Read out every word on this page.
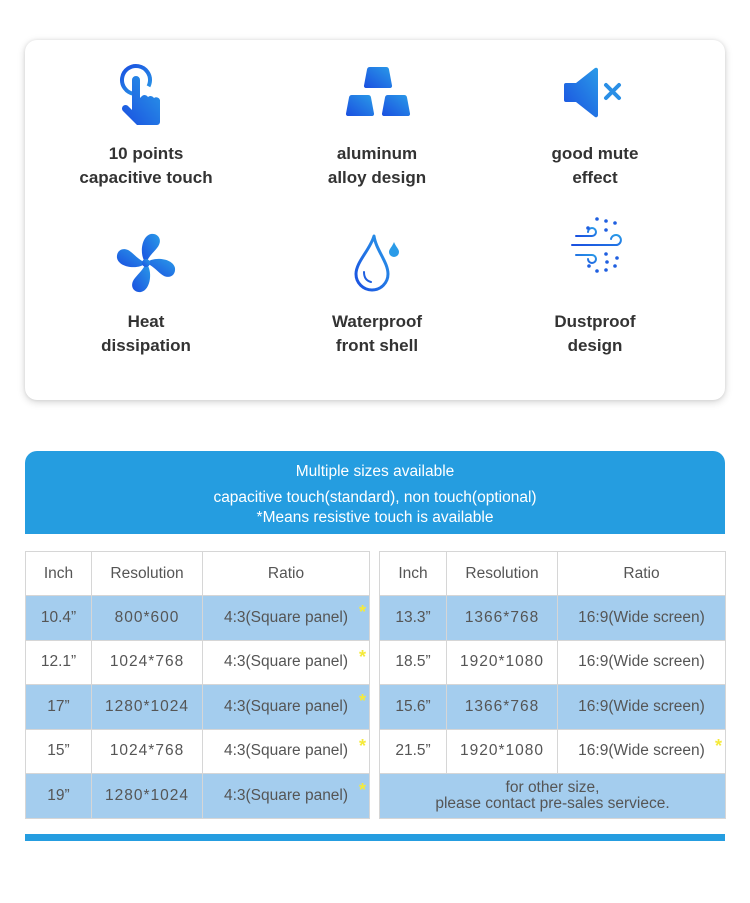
10 points
capacitive touch
aluminum
alloy design
good mute
effect
Heat
dissipation
Waterproof
front shell
Dustproof
design
Multiple sizes available
capacitive touch(standard), non touch(optional)
*Means resistive touch is available
Inch	Resolution	Ratio
10.4”	800*600	4:3(Square panel) *

12.1”	1024*768	4:3(Square panel) *

17”	1280*1024	4:3(Square panel) *

15”	1024*768	4:3(Square panel) *

19”	1280*1024	4:3(Square panel) *
Inch	Resolution	Ratio
13.3”	1366*768	16:9(Wide screen)
18.5”	1920*1080	16:9(Wide screen)
15.6”	1366*768	16:9(Wide screen)
21.5”	1920*1080	16:9(Wide screen) *

for other size,
please contact pre-sales serviece.		
